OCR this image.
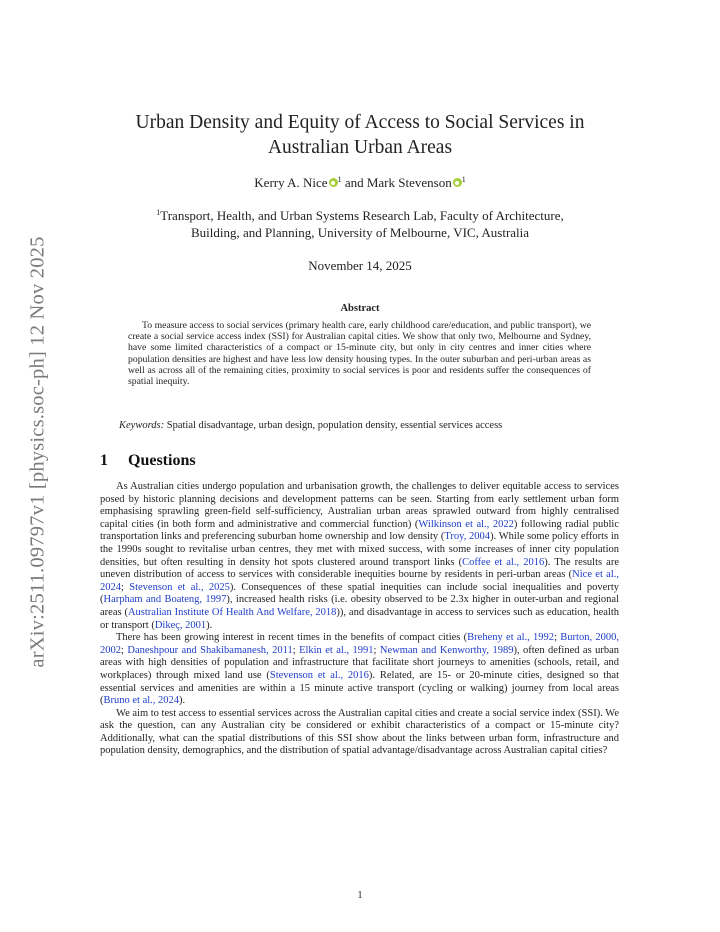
arXiv:2511.09797v1 [physics.soc-ph] 12 Nov 2025
Urban Density and Equity of Access to Social Services in
Australian Urban Areas
Kerry A. Nice $^1$ and Mark Stevenson $^1$
$^1$Transport, Health, and Urban Systems Research Lab, Faculty of Architecture,
Building, and Planning, University of Melbourne, VIC, Australia
November 14, 2025
Abstract
To measure access to social services (primary health care, early childhood care/education, and public transport), we create a social service access index (SSI) for Australian capital cities. We show that only two, Melbourne and Sydney, have some limited characteristics of a compact or 15-minute city, but only in city centres and inner cities where population densities are highest and have less low density housing types. In the outer suburban and peri-urban areas as well as across all of the remaining cities, proximity to social services is poor and residents suffer the consequences of spatial inequity.
Keywords: Spatial disadvantage, urban design, population density, essential services access
1 Questions

As Australian cities undergo population and urbanisation growth, the challenges to deliver equitable access to services posed by historic planning decisions and development patterns can be seen. Starting from early settlement urban form emphasising sprawling green-field self-sufficiency, Australian urban areas sprawled outward from highly centralised capital cities (in both form and administrative and commercial function) (Wilkinson et al., 2022) following radial public transportation links and preferencing suburban home ownership and low density (Troy, 2004). While some policy efforts in the 1990s sought to revitalise urban centres, they met with mixed success, with some increases of inner city population densities, but often resulting in density hot spots clustered around transport links (Coffee et al., 2016). The results are uneven distribution of access to services with considerable inequities bourne by residents in peri-urban areas (Nice et al., 2024; Stevenson et al., 2025). Consequences of these spatial inequities can include social inequalities and poverty (Harpham and Boateng, 1997), increased health risks (i.e. obesity observed to be 2.3x higher in outer-urban and regional areas (Australian Institute Of Health And Welfare, 2018)), and disadvantage in access to services such as education, health or transport (Dikeç, 2001).

There has been growing interest in recent times in the benefits of compact cities (Breheny et al., 1992; Burton, 2000, 2002; Daneshpour and Shakibamanesh, 2011; Elkin et al., 1991; Newman and Kenworthy, 1989), often defined as urban areas with high densities of population and infrastructure that facilitate short journeys to amenities (schools, retail, and workplaces) through mixed land use (Stevenson et al., 2016). Related, are 15- or 20-minute cities, designed so that essential services and amenities are within a 15 minute active transport (cycling or walking) journey from local areas (Bruno et al., 2024).

We aim to test access to essential services across the Australian capital cities and create a social service index (SSI). We ask the question, can any Australian city be considered or exhibit characteristics of a compact or 15-minute city? Additionally, what can the spatial distributions of this SSI show about the links between urban form, infrastructure and population density, demographics, and the distribution of spatial advantage/disadvantage across Australian capital cities?

1
